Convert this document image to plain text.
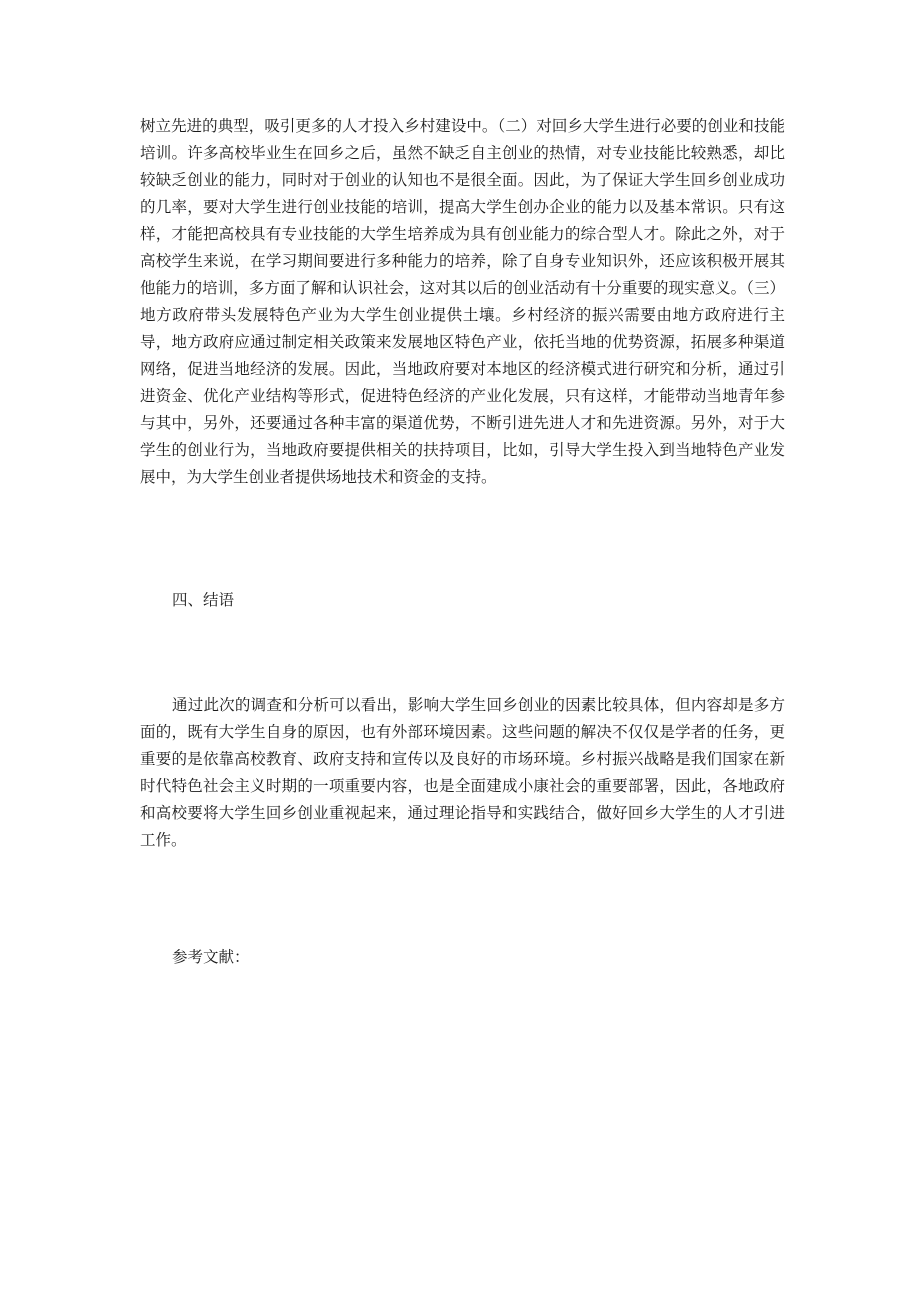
树立先进的典型，吸引更多的人才投入乡村建设中。（二）对回乡大学生进行必要的创业和技能培训。许多高校毕业生在回乡之后，虽然不缺乏自主创业的热情，对专业技能比较熟悉，却比较缺乏创业的能力，同时对于创业的认知也不是很全面。因此，为了保证大学生回乡创业成功的几率，要对大学生进行创业技能的培训，提高大学生创办企业的能力以及基本常识。只有这样，才能把高校具有专业技能的大学生培养成为具有创业能力的综合型人才。除此之外，对于高校学生来说，在学习期间要进行多种能力的培养，除了自身专业知识外，还应该积极开展其他能力的培训，多方面了解和认识社会，这对其以后的创业活动有十分重要的现实意义。（三）地方政府带头发展特色产业为大学生创业提供土壤。乡村经济的振兴需要由地方政府进行主导，地方政府应通过制定相关政策来发展地区特色产业，依托当地的优势资源，拓展多种渠道网络，促进当地经济的发展。因此，当地政府要对本地区的经济模式进行研究和分析，通过引进资金、优化产业结构等形式，促进特色经济的产业化发展，只有这样，才能带动当地青年参与其中，另外，还要通过各种丰富的渠道优势，不断引进先进人才和先进资源。另外，对于大学生的创业行为，当地政府要提供相关的扶持项目，比如，引导大学生投入到当地特色产业发展中，为大学生创业者提供场地技术和资金的支持。

四、结语

通过此次的调查和分析可以看出，影响大学生回乡创业的因素比较具体，但内容却是多方面的，既有大学生自身的原因，也有外部环境因素。这些问题的解决不仅仅是学者的任务，更重要的是依靠高校教育、政府支持和宣传以及良好的市场环境。乡村振兴战略是我们国家在新时代特色社会主义时期的一项重要内容，也是全面建成小康社会的重要部署，因此，各地政府和高校要将大学生回乡创业重视起来，通过理论指导和实践结合，做好回乡大学生的人才引进工作。

参考文献：
